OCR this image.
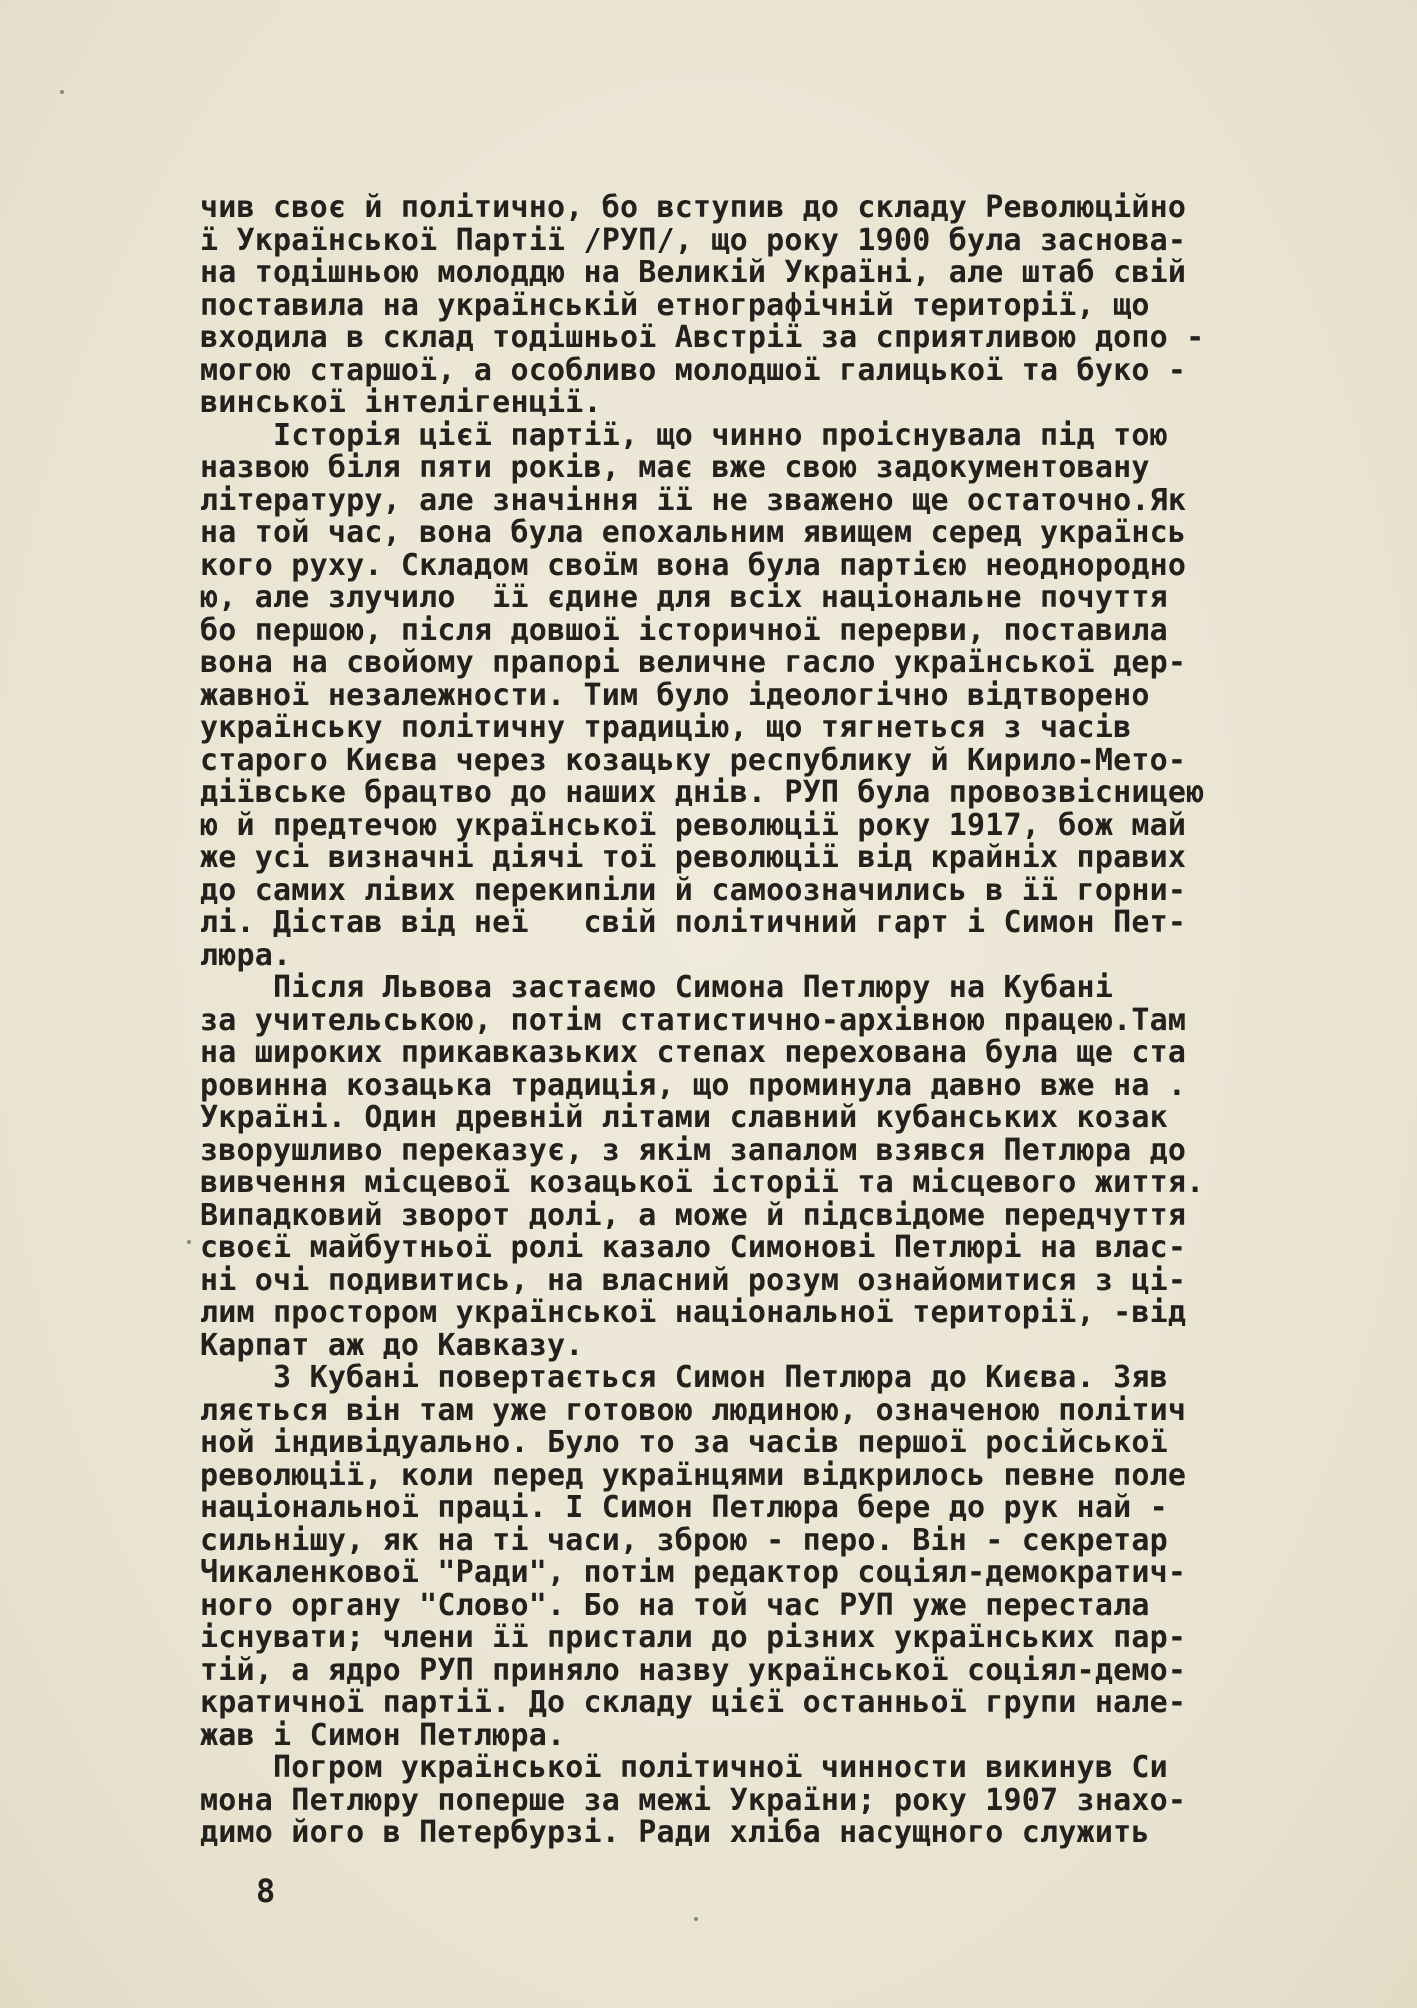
чив своє й політично, бо вступив до складу Революційно
ї Української Партії /РУП/, що року 1900 була заснова-
на тодішньою молоддю на Великій Україні, але штаб свій
поставила на українській етнографічній території, що
входила в склад тодішньої Австрії за сприятливою допо -
могою старшої, а особливо молодшої галицької та буко -
винської інтелігенції.
Історія цієї партії, що чинно проіснувала під тою
назвою біля пяти років, має вже свою задокументовану
літературу, але значіння її не зважено ще остаточно.Як
на той час, вона була епохальним явищем серед українсь
кого руху. Складом своїм вона була партією неоднородно
ю, але злучило  її єдине для всіх національне почуття
бо першою, після довшої історичної перерви, поставила
вона на свойому прапорі величне гасло української дер-
жавної незалежности. Тим було ідеологічно відтворено
українську політичну традицію, що тягнеться з часів
старого Києва через козацьку республику й Кирило-Мето-
діївське брацтво до наших днів. РУП була провозвісницею
ю й предтечою української революції року 1917, бож май
же усі визначні діячі тої революції від крайніх правих
до самих лівих перекипіли й самоозначились в її горни-
лі. Дістав від неї   свій політичний гарт і Симон Пет-
люра.
Після Львова застаємо Симона Петлюру на Кубані
за учительською, потім статистично-архівною працею.Там
на широких прикавказьких степах перехована була ще ста
ровинна козацька традиція, що проминула давно вже на .
Україні. Один древній літами славний кубанських козак
зворушливо переказує, з якім запалом взявся Петлюра до
вивчення місцевої козацької історії та місцевого життя.
Випадковий зворот долі, а може й підсвідоме передчуття
своєї майбутньої ролі казало Симонові Петлюрі на влас-
ні очі подивитись, на власний розум ознайомитися з ці-
лим простором української національної території, -від
Карпат аж до Кавказу.
З Кубані повертається Симон Петлюра до Києва. Зяв
ляється він там уже готовою людиною, означеною політич
ной індивідуально. Було то за часів першої російської
революції, коли перед українцями відкрилось певне поле
національної праці. І Симон Петлюра бере до рук най -
сильнішу, як на ті часи, зброю - перо. Він - секретар
Чикаленкової "Ради", потім редактор соціял-демократич-
ного органу "Слово". Бо на той час РУП уже перестала
існувати; члени її пристали до різних українських пар-
тій, а ядро РУП приняло назву української соціял-демо-
кратичної партії. До складу цієї останньої групи нале-
жав і Симон Петлюра.
Погром української політичної чинности викинув Си
мона Петлюру поперше за межі України; року 1907 знахо-
димо його в Петербурзі. Ради хліба насущного служить
8
